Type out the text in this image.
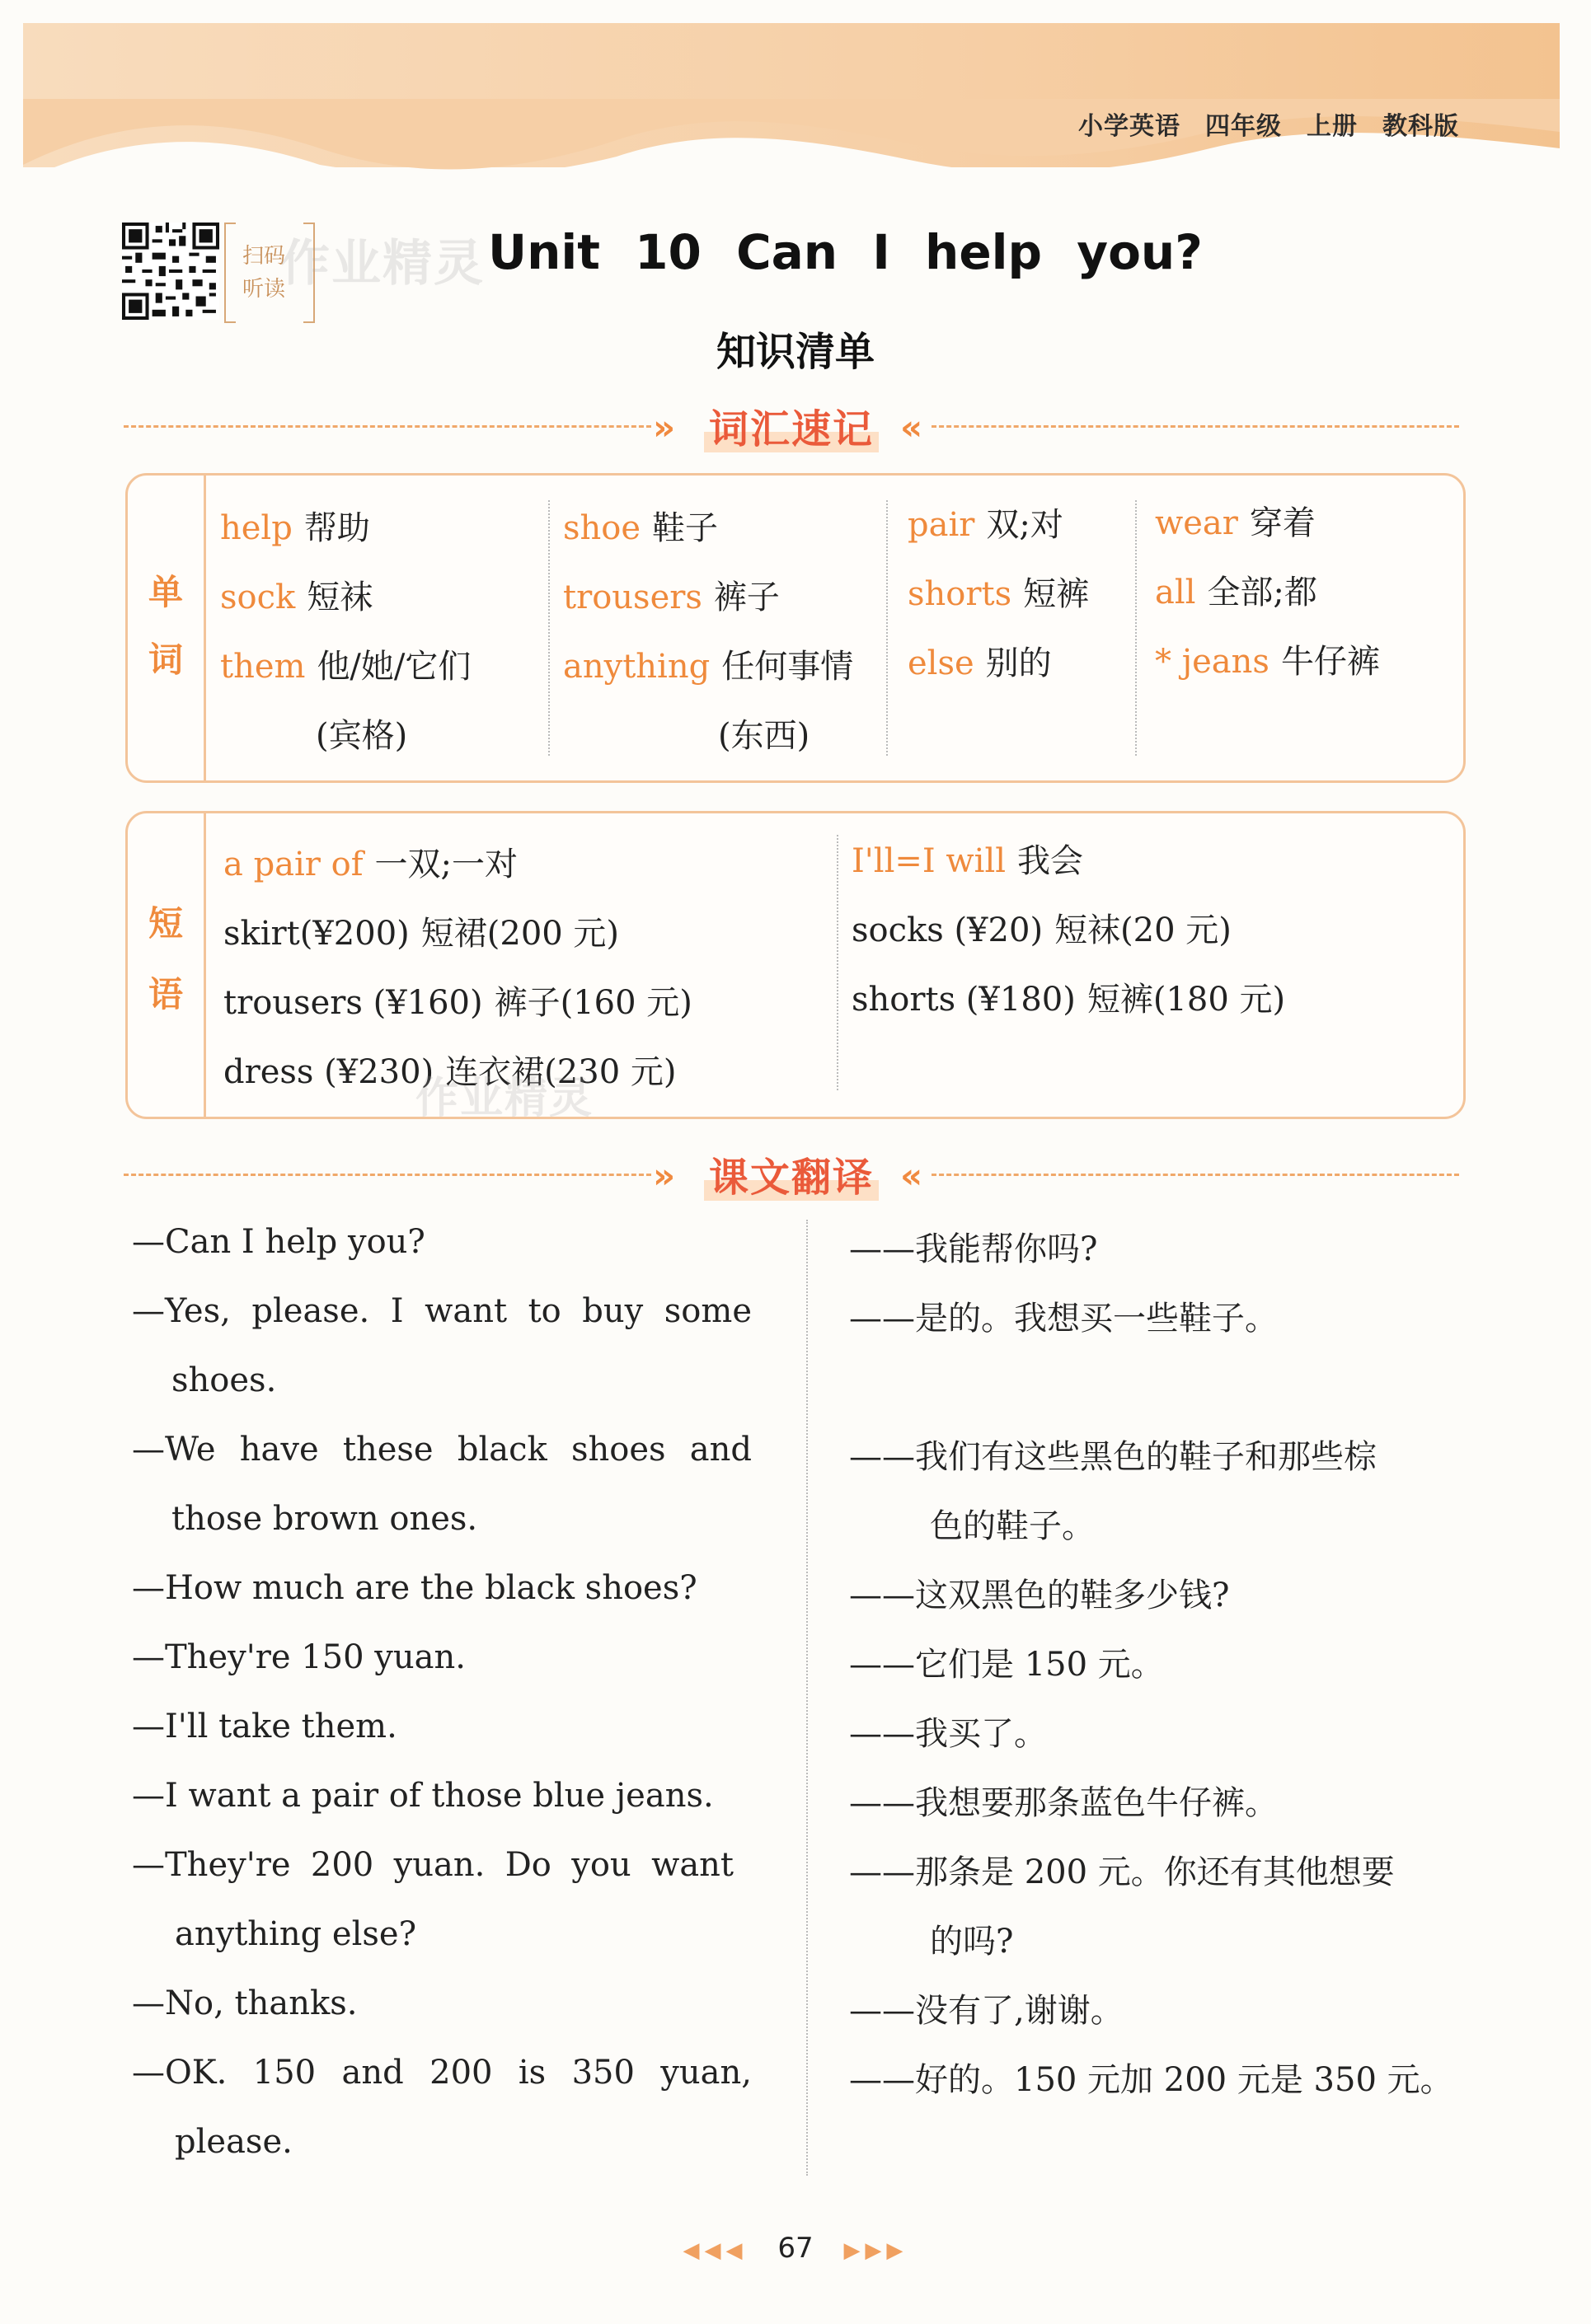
小学英语 四年级 上册 教科版
扫码
听读
作业精灵 Unit 10 Can I help you?
知识清单
» 词汇速记 «
单
词
help 帮助
sock 短袜
them 他/她/它们
(宾格)
shoe 鞋子
trousers 裤子
anything 任何事情
(东西)
pair 双;对
shorts 短裤
else 别的
wear 穿着
all 全部;都
* jeans 牛仔裤
短
语
a pair of 一双;一对
skirt(¥200) 短裙(200 元)
trousers (¥160) 裤子(160 元)
dress (¥230) 连衣裙(230 元)
I'll=I will 我会
socks (¥20) 短袜(20 元)
shorts (¥180) 短裤(180 元)
作业精灵
» 课文翻译 «
—Can I help you?
—Yes, please. I want to buy some
shoes.
—We have these black shoes and
those brown ones.
—How much are the black shoes?
—They're 150 yuan.
—I'll take them.
—I want a pair of those blue jeans.
—They're 200 yuan. Do you want
anything else?
—No, thanks.
—OK. 150 and 200 is 350 yuan,
please.
——我能帮你吗?
——是的。我想买一些鞋子。
——我们有这些黑色的鞋子和那些棕
色的鞋子。
——这双黑色的鞋多少钱?
——它们是 150 元。
——我买了。
——我想要那条蓝色牛仔裤。
——那条是 200 元。你还有其他想要
的吗?
——没有了,谢谢。
——好的。150 元加 200 元是 350 元。
◀◀◀ 67 ▶▶▶
